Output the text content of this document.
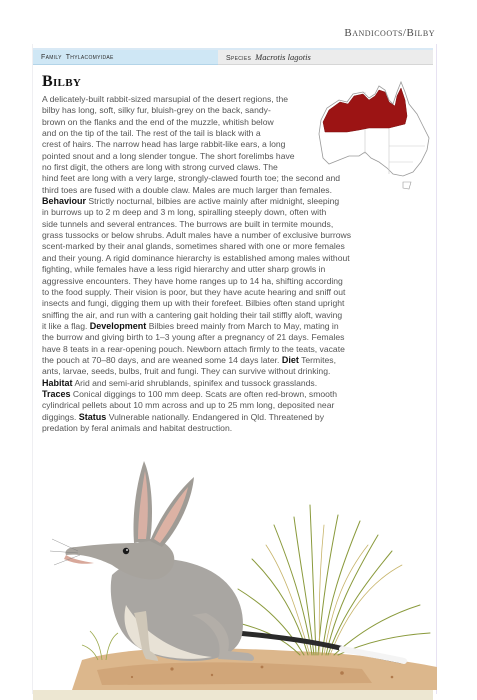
Bandicoots/Bilby
Family Thylacomyidae	Species Macrotis lagotis
Bilby
A delicately-built rabbit-sized marsupial of the desert regions, the
bilby has long, soft, silky fur, bluish-grey on the back, sandy-
brown on the flanks and the end of the muzzle, whitish below
and on the tip of the tail. The rest of the tail is black with a
crest of hairs. The narrow head has large rabbit-like ears, a long
pointed snout and a long slender tongue. The short forelimbs have
no first digit, the others are long with strong curved claws. The
hind feet are long with a very large, strongly-clawed fourth toe; the second and
third toes are fused with a double claw. Males are much larger than females.
Behaviour Strictly nocturnal, bilbies are active mainly after midnight, sleeping
in burrows up to 2 m deep and 3 m long, spiralling steeply down, often with
side tunnels and several entrances. The burrows are built in termite mounds,
grass tussocks or below shrubs. Adult males have a number of exclusive burrows
scent-marked by their anal glands, sometimes shared with one or more females
and their young. A rigid dominance hierarchy is established among males without
fighting, while females have a less rigid hierarchy and utter sharp growls in
aggressive encounters. They have home ranges up to 14 ha, shifting according
to the food supply. Their vision is poor, but they have acute hearing and sniff out
insects and fungi, digging them up with their forefeet. Bilbies often stand upright
sniffing the air, and run with a cantering gait holding their tail stiffly aloft, waving
it like a flag. Development Bilbies breed mainly from March to May, mating in
the burrow and giving birth to 1–3 young after a pregnancy of 21 days. Females
have 8 teats in a rear-opening pouch. Newborn attach firmly to the teats, vacate
the pouch at 70–80 days, and are weaned some 14 days later. Diet Termites,
ants, larvae, seeds, bulbs, fruit and fungi. They can survive without drinking.
Habitat Arid and semi-arid shrublands, spinifex and tussock grasslands.
Traces Conical diggings to 100 mm deep. Scats are often red-brown, smooth
cylindrical pellets about 10 mm across and up to 25 mm long, deposited near
diggings. Status Vulnerable nationally. Endangered in Qld. Threatened by
predation by feral animals and habitat destruction.
